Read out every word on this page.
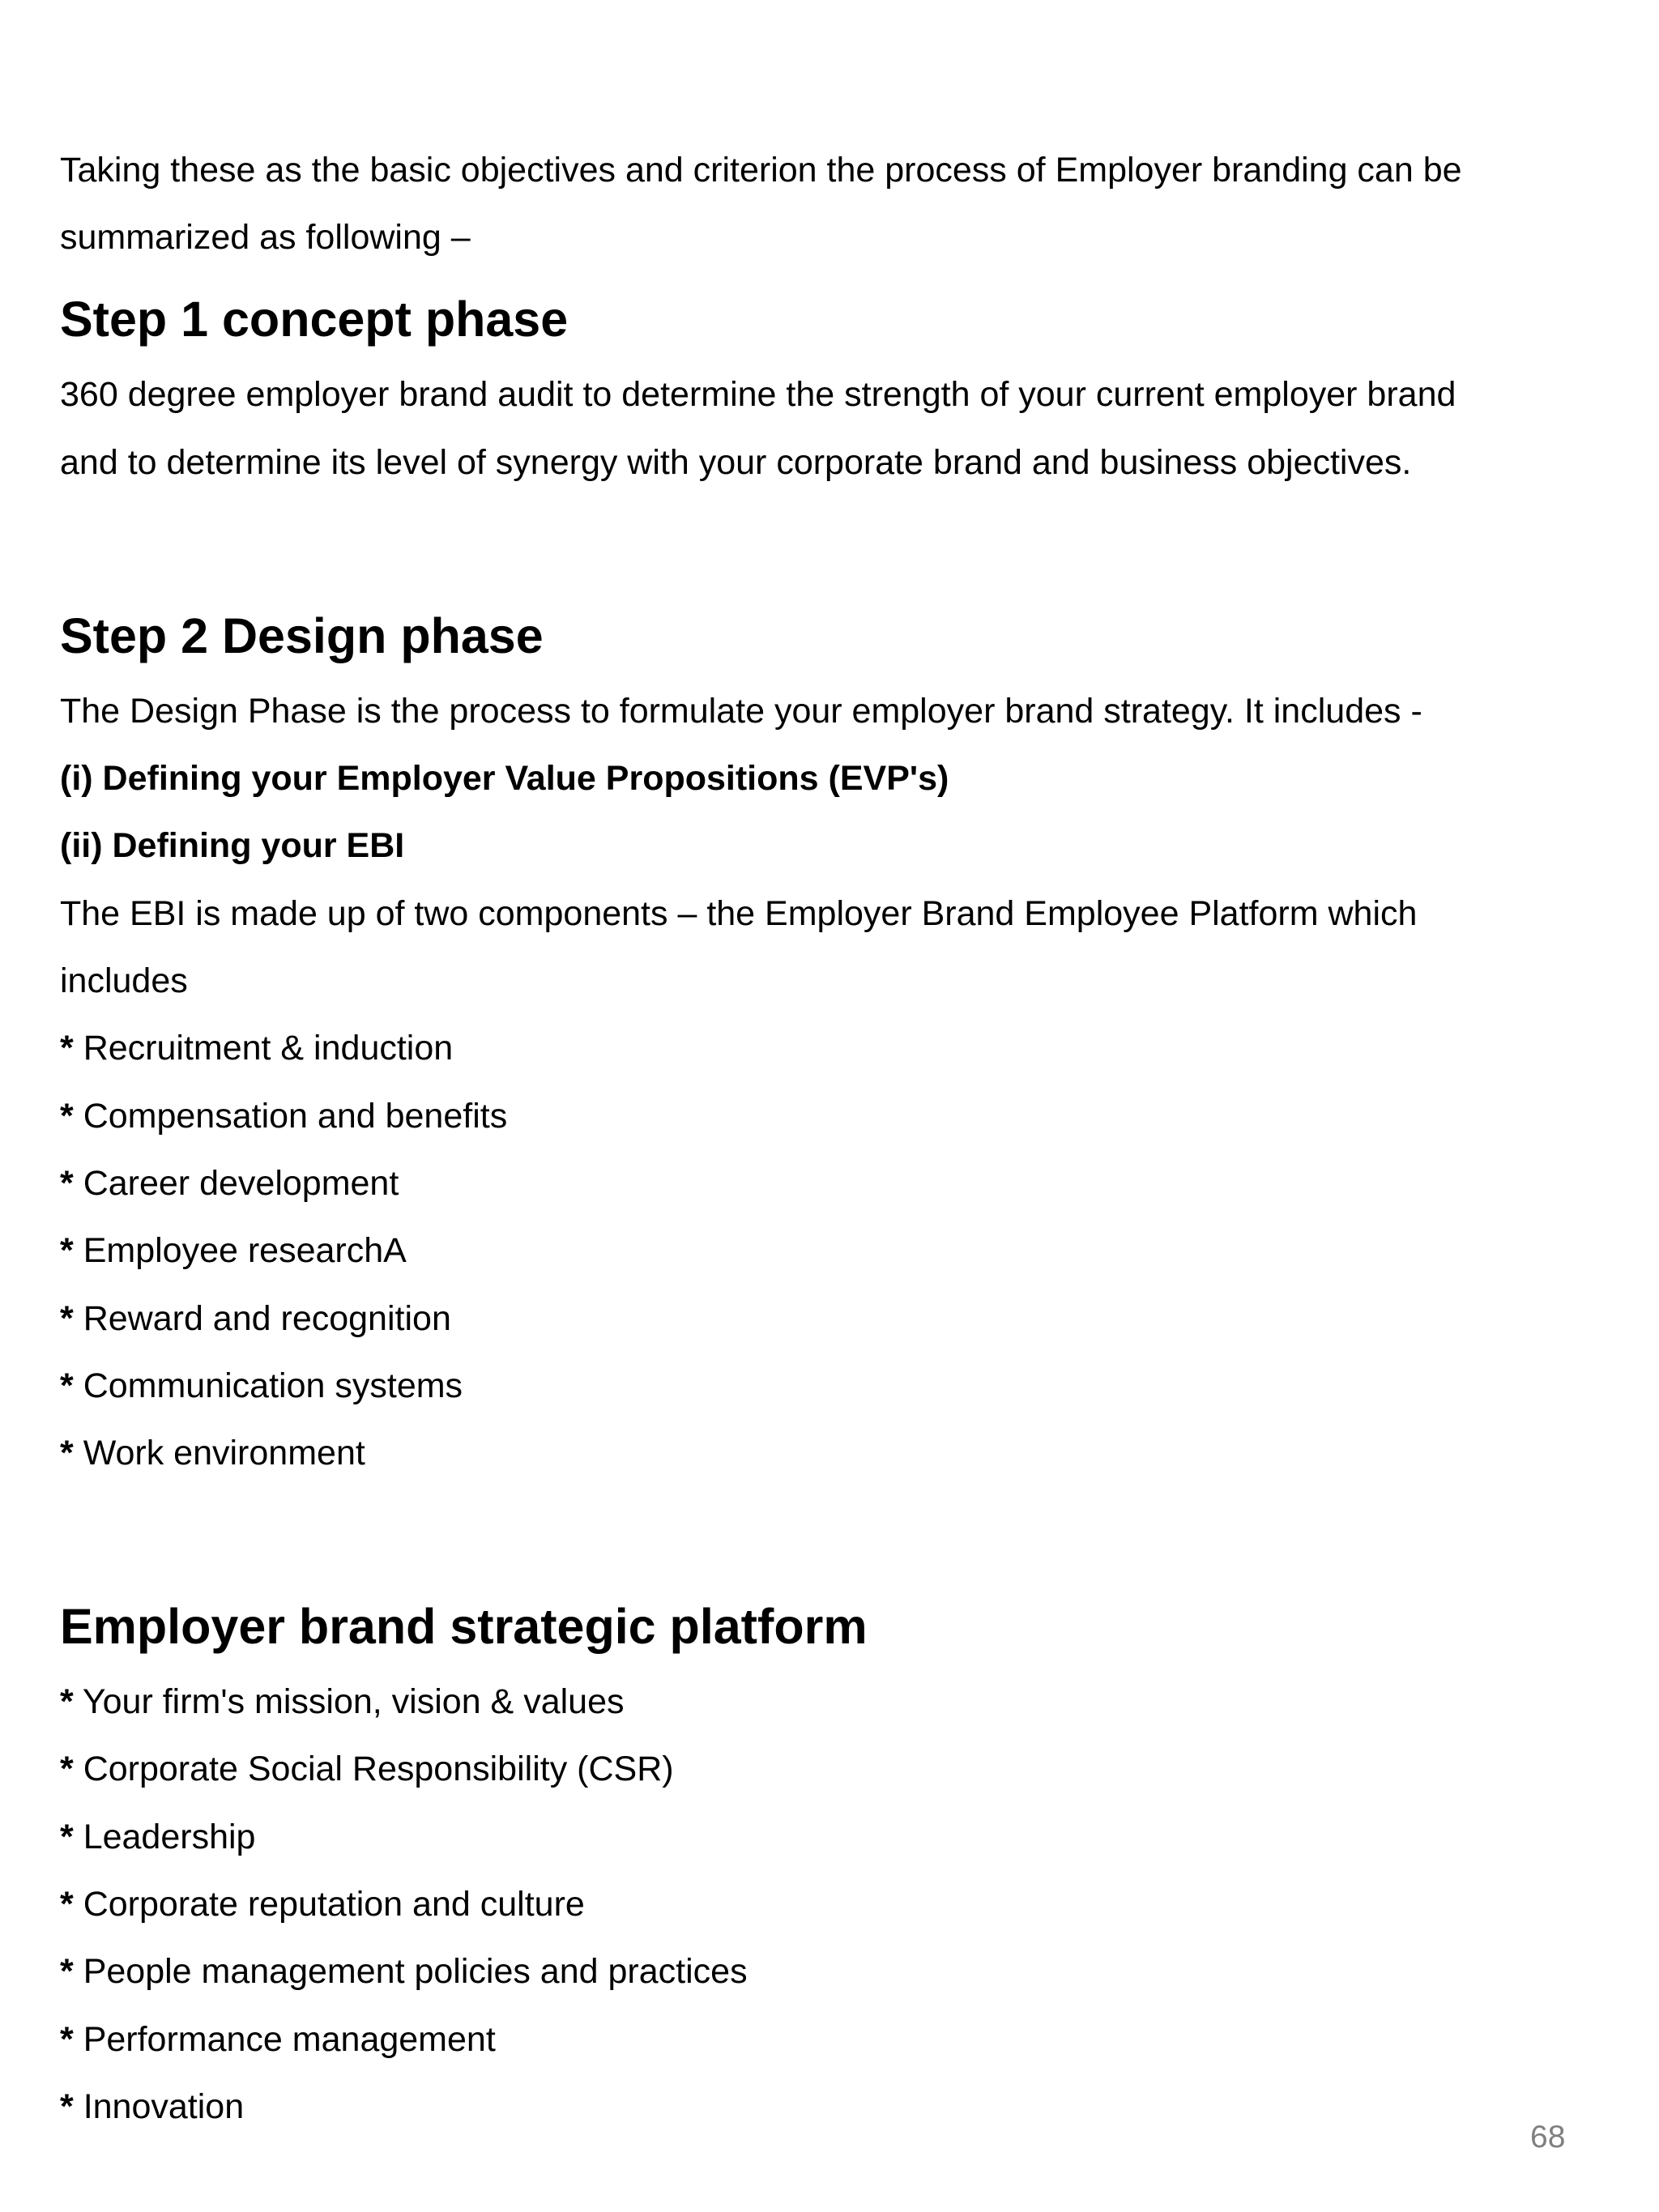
Taking these as the basic objectives and criterion the process of Employer branding can be
summarized as following –
Step 1 concept phase
360 degree employer brand audit to determine the strength of your current employer brand
and to determine its level of synergy with your corporate brand and business objectives.
Step 2 Design phase
The Design Phase is the process to formulate your employer brand strategy. It includes -
(i) Defining your Employer Value Propositions (EVP's)
(ii) Defining your EBI
The EBI is made up of two components – the Employer Brand Employee Platform which
includes
* Recruitment & induction
* Compensation and benefits
* Career development
* Employee researchA
* Reward and recognition
* Communication systems
* Work environment
Employer brand strategic platform
* Your firm's mission, vision & values
* Corporate Social Responsibility (CSR)
* Leadership
* Corporate reputation and culture
* People management policies and practices
* Performance management
* Innovation
68
